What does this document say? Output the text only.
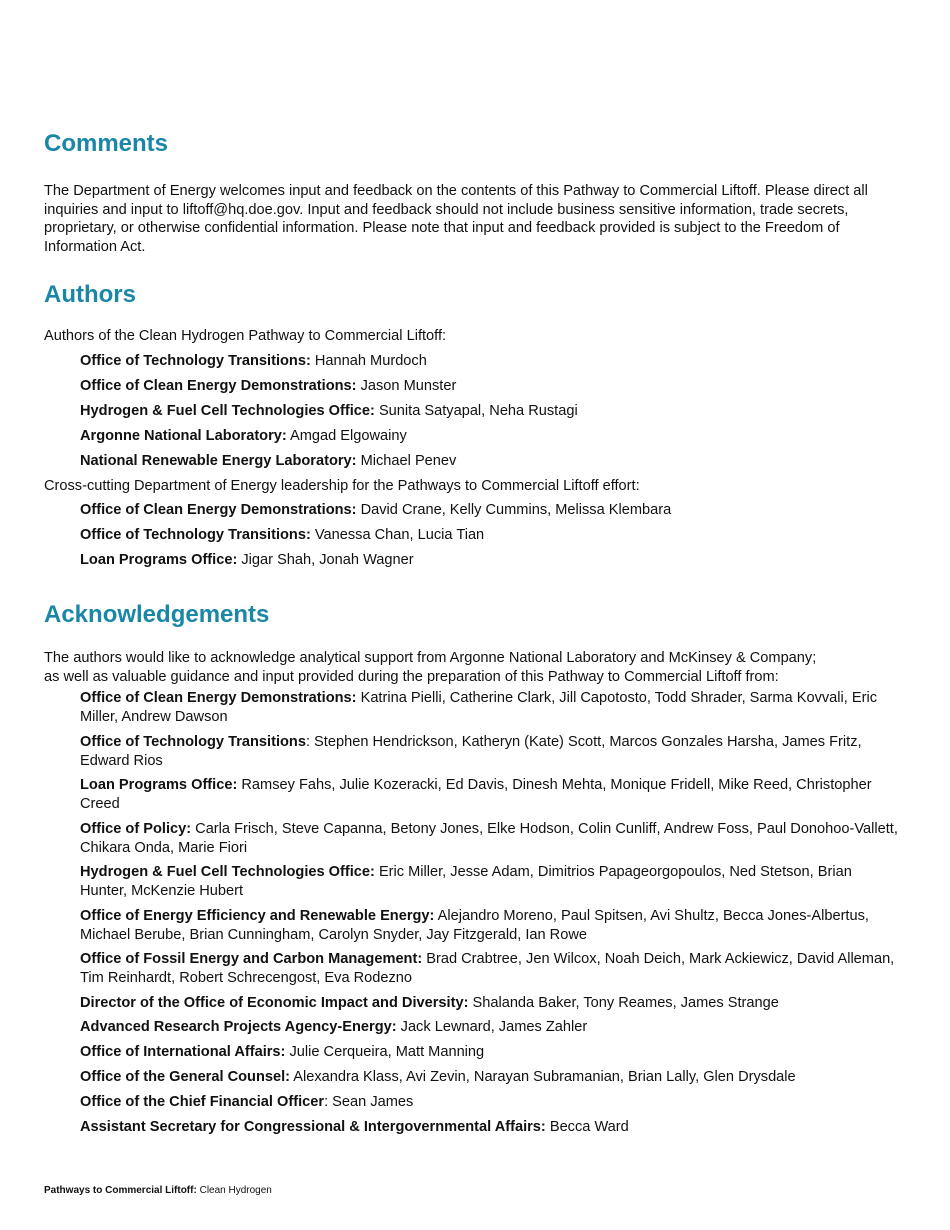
Comments

The Department of Energy welcomes input and feedback on the contents of this Pathway to Commercial Liftoff. Please direct all inquiries and input to liftoff@hq.doe.gov. Input and feedback should not include business sensitive information, trade secrets, proprietary, or otherwise confidential information. Please note that input and feedback provided is subject to the Freedom of Information Act.

Authors

Authors of the Clean Hydrogen Pathway to Commercial Liftoff:

Office of Technology Transitions: Hannah Murdoch

Office of Clean Energy Demonstrations: Jason Munster

Hydrogen & Fuel Cell Technologies Office: Sunita Satyapal, Neha Rustagi

Argonne National Laboratory: Amgad Elgowainy

National Renewable Energy Laboratory: Michael Penev

Cross-cutting Department of Energy leadership for the Pathways to Commercial Liftoff effort:

Office of Clean Energy Demonstrations: David Crane, Kelly Cummins, Melissa Klembara

Office of Technology Transitions: Vanessa Chan, Lucia Tian

Loan Programs Office: Jigar Shah, Jonah Wagner

Acknowledgements

The authors would like to acknowledge analytical support from Argonne National Laboratory and McKinsey & Company;

as well as valuable guidance and input provided during the preparation of this Pathway to Commercial Liftoff from:

Office of Clean Energy Demonstrations: Katrina Pielli, Catherine Clark, Jill Capotosto, Todd Shrader, Sarma Kovvali, Eric Miller, Andrew Dawson

Office of Technology Transitions: Stephen Hendrickson, Katheryn (Kate) Scott, Marcos Gonzales Harsha, James Fritz, Edward Rios

Loan Programs Office: Ramsey Fahs, Julie Kozeracki, Ed Davis, Dinesh Mehta, Monique Fridell, Mike Reed, Christopher Creed

Office of Policy: Carla Frisch, Steve Capanna, Betony Jones, Elke Hodson, Colin Cunliff, Andrew Foss, Paul Donohoo-Vallett, Chikara Onda, Marie Fiori

Hydrogen & Fuel Cell Technologies Office: Eric Miller, Jesse Adam, Dimitrios Papageorgopoulos, Ned Stetson, Brian Hunter, McKenzie Hubert

Office of Energy Efficiency and Renewable Energy: Alejandro Moreno, Paul Spitsen, Avi Shultz, Becca Jones-Albertus, Michael Berube, Brian Cunningham, Carolyn Snyder, Jay Fitzgerald, Ian Rowe

Office of Fossil Energy and Carbon Management: Brad Crabtree, Jen Wilcox, Noah Deich, Mark Ackiewicz, David Alleman, Tim Reinhardt, Robert Schrecengost, Eva Rodezno

Director of the Office of Economic Impact and Diversity: Shalanda Baker, Tony Reames, James Strange

Advanced Research Projects Agency-Energy: Jack Lewnard, James Zahler

Office of International Affairs: Julie Cerqueira, Matt Manning

Office of the General Counsel: Alexandra Klass, Avi Zevin, Narayan Subramanian, Brian Lally, Glen Drysdale

Office of the Chief Financial Officer: Sean James

Assistant Secretary for Congressional & Intergovernmental Affairs: Becca Ward

Pathways to Commercial Liftoff: Clean Hydrogen
